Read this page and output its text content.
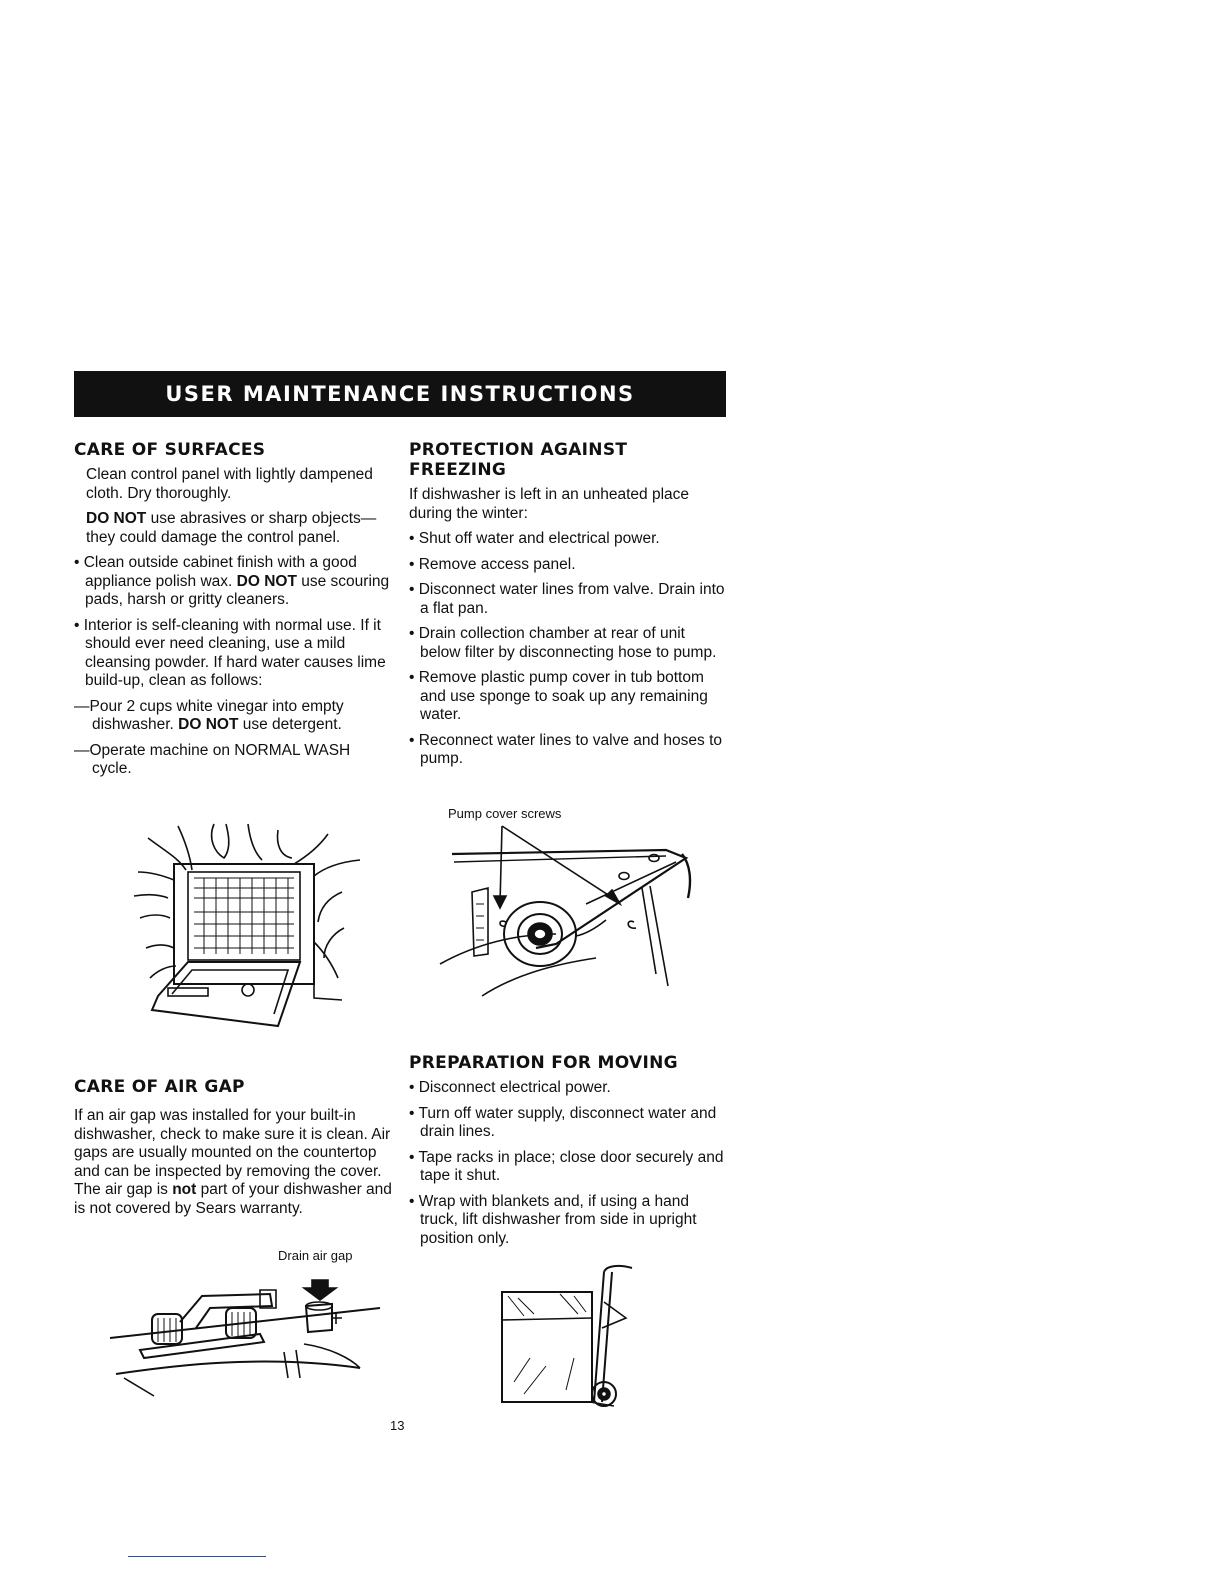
USER MAINTENANCE INSTRUCTIONS
CARE OF SURFACES
Clean control panel with lightly dampened cloth. Dry thoroughly.
DO NOT use abrasives or sharp objects—they could damage the control panel.
• Clean outside cabinet finish with a good appliance polish wax. DO NOT use scouring pads, harsh or gritty cleaners.
• Interior is self-cleaning with normal use. If it should ever need cleaning, use a mild cleansing powder. If hard water causes lime build-up, clean as follows:
—Pour 2 cups white vinegar into empty dishwasher. DO NOT use detergent.
—Operate machine on NORMAL WASH cycle.
CARE OF AIR GAP
If an air gap was installed for your built-in dishwasher, check to make sure it is clean. Air gaps are usually mounted on the countertop and can be inspected by removing the cover. The air gap is not part of your dishwasher and is not covered by Sears warranty.
Drain air gap
PROTECTION AGAINST FREEZING
If dishwasher is left in an unheated place during the winter:
• Shut off water and electrical power.
• Remove access panel.
• Disconnect water lines from valve. Drain into a flat pan.
• Drain collection chamber at rear of unit below filter by disconnecting hose to pump.
• Remove plastic pump cover in tub bottom and use sponge to soak up any remaining water.
• Reconnect water lines to valve and hoses to pump.
Pump cover screws
PREPARATION FOR MOVING
• Disconnect electrical power.
• Turn off water supply, disconnect water and drain lines.
• Tape racks in place; close door securely and tape it shut.
• Wrap with blankets and, if using a hand truck, lift dishwasher from side in upright position only.
13
